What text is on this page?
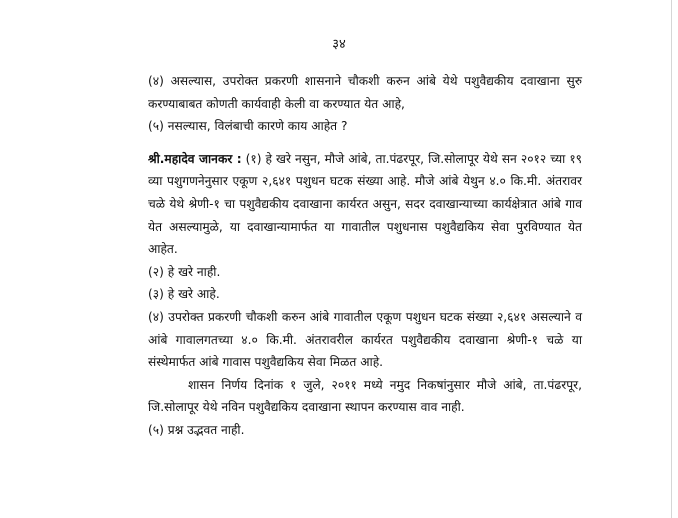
३४

(४) असल्यास, उपरोक्त प्रकरणी शासनाने चौकशी करुन आंबे येथे पशुवैद्यकीय दवाखाना सुरु करण्याबाबत कोणती कार्यवाही केली वा करण्यात येत आहे,

(५) नसल्यास, विलंबाची कारणे काय आहेत ?

श्री.महादेव जानकर : (१) हे खरे नसुन, मौजे आंबे, ता.पंढरपूर, जि.सोलापूर येथे सन २०१२ च्या १९ व्या पशुगणनेनुसार एकूण २,६४१ पशुधन घटक संख्या आहे. मौजे आंबे येथुन ४.० कि.मी. अंतरावर चळे येथे श्रेणी-१ चा पशुवैद्यकीय दवाखाना कार्यरत असुन, सदर दवाखान्याच्या कार्यक्षेत्रात आंबे गाव येत असल्यामुळे, या दवाखान्यामार्फत या गावातील पशुधनास पशुवैद्यकिय सेवा पुरविण्यात येत आहेत.

(२) हे खरे नाही.

(३) हे खरे आहे.

(४) उपरोक्त प्रकरणी चौकशी करुन आंबे गावातील एकूण पशुधन घटक संख्या २,६४१ असल्याने व आंबे गावालगतच्या ४.० कि.मी. अंतरावरील कार्यरत पशुवैद्यकीय दवाखाना श्रेणी-१ चळे या संस्थेमार्फत आंबे गावास पशुवैद्यकिय सेवा मिळत आहे.

शासन निर्णय दिनांक १ जुले, २०११ मध्ये नमुद निकषांनुसार मौजे आंबे, ता.पंढरपूर, जि.सोलापूर येथे नविन पशुवैद्यकिय दवाखाना स्थापन करण्यास वाव नाही.

(५) प्रश्न उद्भवत नाही.
